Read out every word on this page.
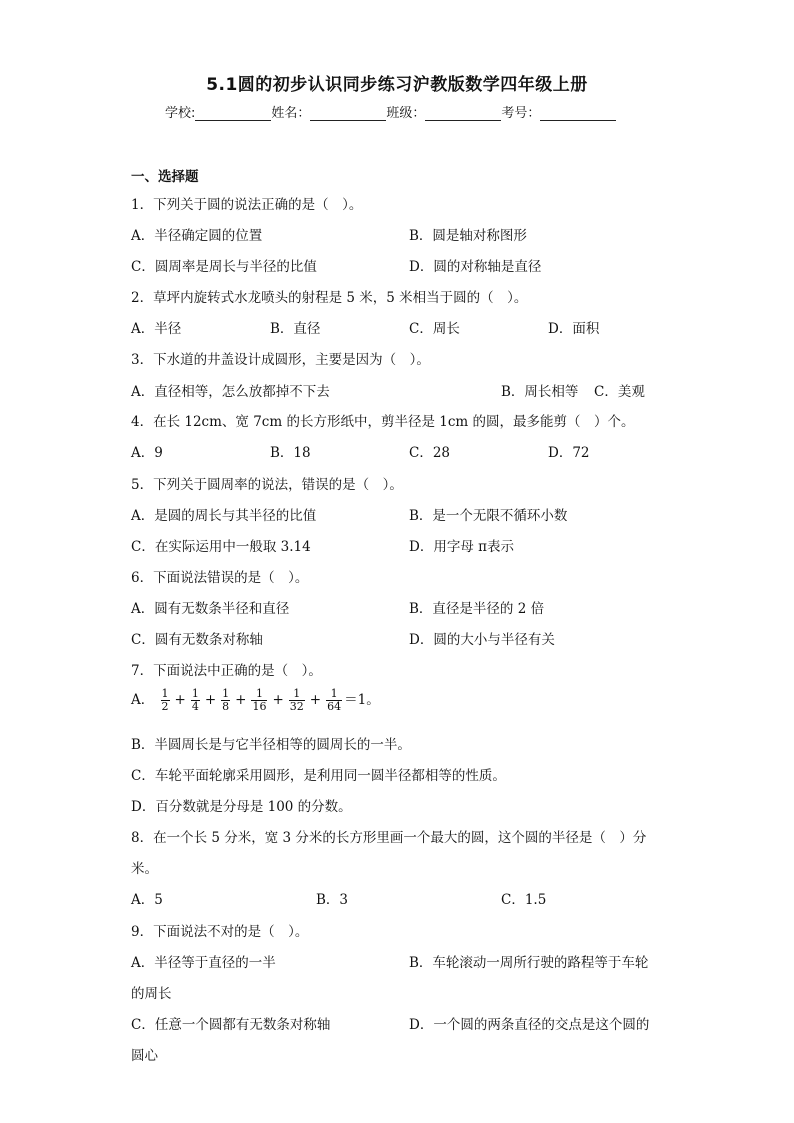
5.1圆的初步认识同步练习沪教版数学四年级上册
学校:	姓名：	班级：	考号：
一、选择题
1．下列关于圆的说法正确的是（　）。
A．半径确定圆的位置	B．圆是轴对称图形
C．圆周率是周长与半径的比值	D．圆的对称轴是直径
2．草坪内旋转式水龙喷头的射程是 5 米，5 米相当于圆的（　）。
A．半径	B．直径	C．周长	D．面积
3．下水道的井盖设计成圆形，主要是因为（　）。
A．直径相等，怎么放都掉不下去	B．周长相等 C．美观
4．在长 12cm、宽 7cm 的长方形纸中，剪半径是 1cm 的圆，最多能剪（　）个。
A．9	B．18	C．28	D．72
5．下列关于圆周率的说法，错误的是（　）。
A．是圆的周长与其半径的比值	B．是一个无限不循环小数
C．在实际运用中一般取 3.14	D．用字母 π表示
6．下面说法错误的是（　）。
A．圆有无数条半径和直径	B．直径是半径的 2 倍
C．圆有无数条对称轴	D．圆的大小与半径有关
7．下面说法中正确的是（　）。
A． $\frac{1}{2} + \frac{1}{4} + \frac{1}{8} + \frac{1}{16} + \frac{1}{32} + \frac{1}{64} =1$。
B．半圆周长是与它半径相等的圆周长的一半。
C．车轮平面轮廓采用圆形，是利用同一圆半径都相等的性质。
D．百分数就是分母是 100 的分数。
8．在一个长 5 分米，宽 3 分米的长方形里画一个最大的圆，这个圆的半径是（　）分
米。
A．5	B．3	C．1.5
9．下面说法不对的是（　）。
A．半径等于直径的一半	B．车轮滚动一周所行驶的路程等于车轮
的周长
C．任意一个圆都有无数条对称轴	D．一个圆的两条直径的交点是这个圆的
圆心
